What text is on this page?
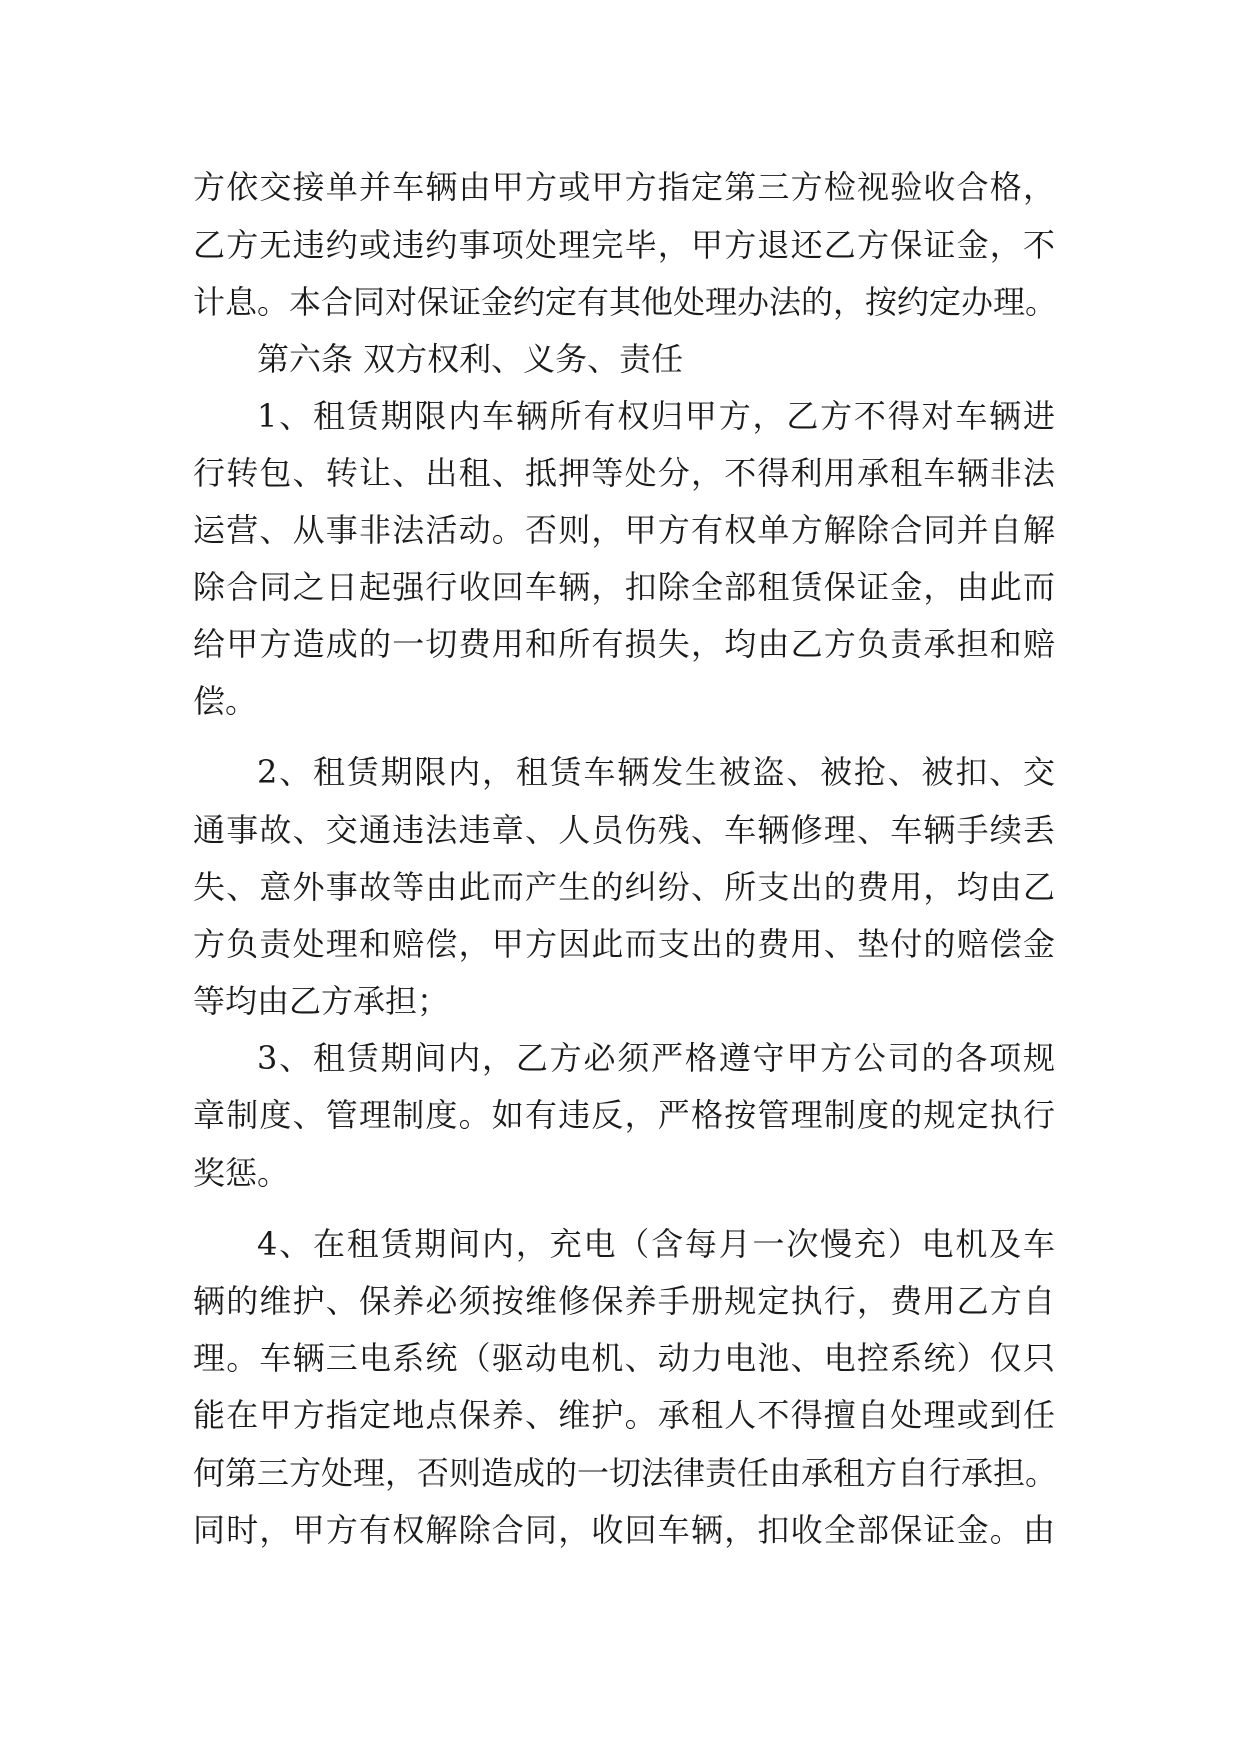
方依交接单并车辆由甲方或甲方指定第三方检视验收合格，
乙方无违约或违约事项处理完毕，甲方退还乙方保证金，不
计息。本合同对保证金约定有其他处理办法的，按约定办理。
第六条 双方权利、义务、责任
1、租赁期限内车辆所有权归甲方，乙方不得对车辆进
行转包、转让、出租、抵押等处分，不得利用承租车辆非法
运营、从事非法活动。否则，甲方有权单方解除合同并自解
除合同之日起强行收回车辆，扣除全部租赁保证金，由此而
给甲方造成的一切费用和所有损失，均由乙方负责承担和赔
偿。
2、租赁期限内，租赁车辆发生被盗、被抢、被扣、交
通事故、交通违法违章、人员伤残、车辆修理、车辆手续丢
失、意外事故等由此而产生的纠纷、所支出的费用，均由乙
方负责处理和赔偿，甲方因此而支出的费用、垫付的赔偿金
等均由乙方承担；
3、租赁期间内，乙方必须严格遵守甲方公司的各项规
章制度、管理制度。如有违反，严格按管理制度的规定执行
奖惩。
4、在租赁期间内，充电（含每月一次慢充）电机及车
辆的维护、保养必须按维修保养手册规定执行，费用乙方自
理。车辆三电系统（驱动电机、动力电池、电控系统）仅只
能在甲方指定地点保养、维护。承租人不得擅自处理或到任
何第三方处理，否则造成的一切法律责任由承租方自行承担。
同时，甲方有权解除合同，收回车辆，扣收全部保证金。由
